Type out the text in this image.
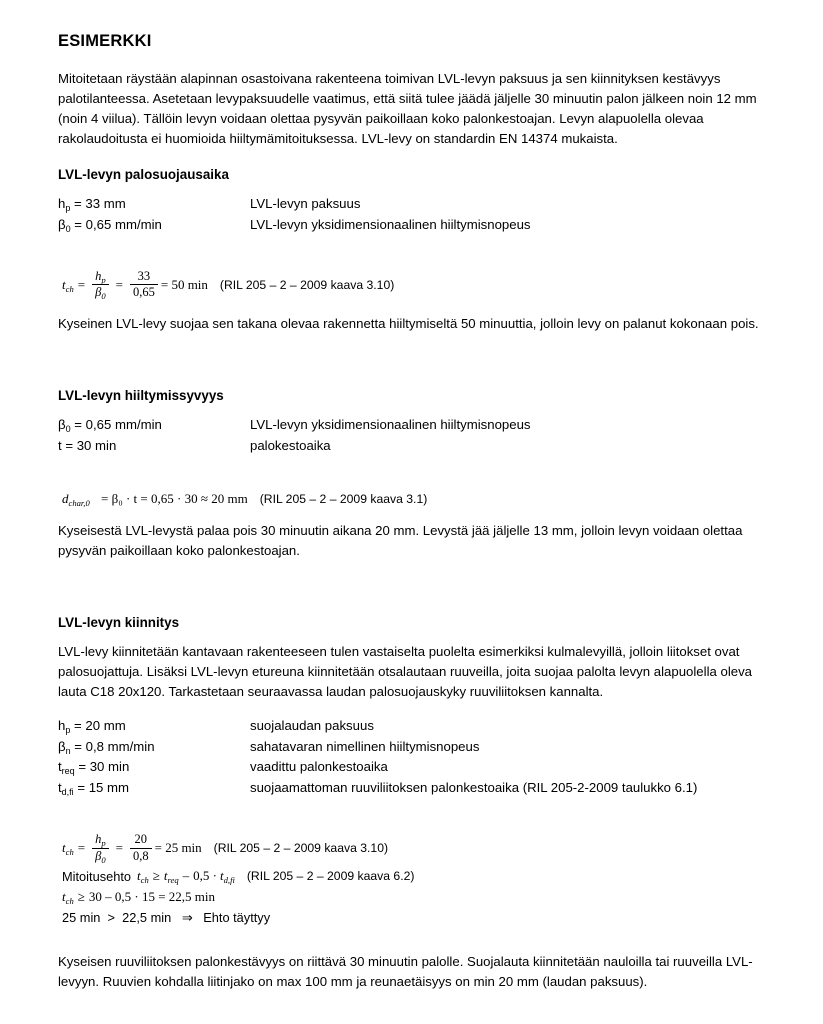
ESIMERKKI

Mitoitetaan räystään alapinnan osastoivana rakenteena toimivan LVL-levyn paksuus ja sen kiinnityksen kestävyys palotilanteessa. Asetetaan levypaksuudelle vaatimus, että siitä tulee jäädä jäljelle 30 minuutin palon jälkeen noin 12 mm (noin 4 viilua). Tällöin levyn voidaan olettaa pysyvän paikoillaan koko palonkestoajan. Levyn alapuolella olevaa rakolaudoitusta ei huomioida hiiltymämitoituksessa. LVL-levy on standardin EN 14374 mukaista.

LVL-levyn palosuojausaika
$h_p = 33$ mm	LVL-levyn paksuus
$\beta_0 = 0,65$ mm/min	LVL-levyn yksidimensionaalinen hiiltymisnopeus
$t_{ch} = \frac{h_p}{\beta_0} = \frac{33}{0,65} = 50$ min (RIL 205 – 2 – 2009 kaava 3.10)

Kyseinen LVL-levy suojaa sen takana olevaa rakennetta hiiltymiseltä 50 minuuttia, jolloin levy on palanut kokonaan pois.

LVL-levyn hiiltymissyvyys
$\beta_0 = 0,65$ mm/min	LVL-levyn yksidimensionaalinen hiiltymisnopeus
t = 30 min	palokestoaika
$d_{char,0}$
= β₀ · t = 0,65 · 30 ≈ 20 mm (RIL 205 – 2 – 2009 kaava 3.1)

Kyseisestä LVL-levystä palaa pois 30 minuutin aikana 20 mm. Levystä jää jäljelle 13 mm, jolloin levyn voidaan olettaa pysyvän paikoillaan koko palonkestoajan.

LVL-levyn kiinnitys

LVL-levy kiinnitetään kantavaan rakenteeseen tulen vastaiselta puolelta esimerkiksi kulmalevyillä, jolloin liitokset ovat palosuojattuja. Lisäksi LVL-levyn etureuna kiinnitetään otsalautaan ruuveilla, joita suojaa palolta levyn alapuolella oleva lauta C18 20x120. Tarkastetaan seuraavassa laudan palosuojauskyky ruuviliitoksen kannalta.

$h_p = 20$ mm	suojalaudan paksuus
$\beta_n = 0,8$ mm/min	sahatavaran nimellinen hiiltymisnopeus
$t_{req} = 30$ min	vaadittu palonkestoaika
$t_{d,fi} = 15$ mm	suojaamattoman ruuviliitoksen palonkestoaika (RIL 205-2-2009 taulukko 6.1)
$t_{ch} = \frac{h_p}{\beta_0} = \frac{20}{0,8} = 25$ min (RIL 205 – 2 – 2009 kaava 3.10)
Mitoitusehto $t_{ch} \ge t_{req} - 0,5 \cdot t_{d,fi}$ (RIL 205 – 2 – 2009 kaava 6.2)
$t_{ch} \ge 30 - 0,5 \cdot 15 = 22,5$ min
25 min  >  22,5 min   ⇒   Ehto täyttyy

Kyseisen ruuviliitoksen palonkestävyys on riittävä 30 minuutin palolle. Suojalauta kiinnitetään nauloilla tai ruuveilla LVL-levyyn. Ruuvien kohdalla liitinjako on max 100 mm ja reunaetäisyys on min 20 mm (laudan paksuus).
